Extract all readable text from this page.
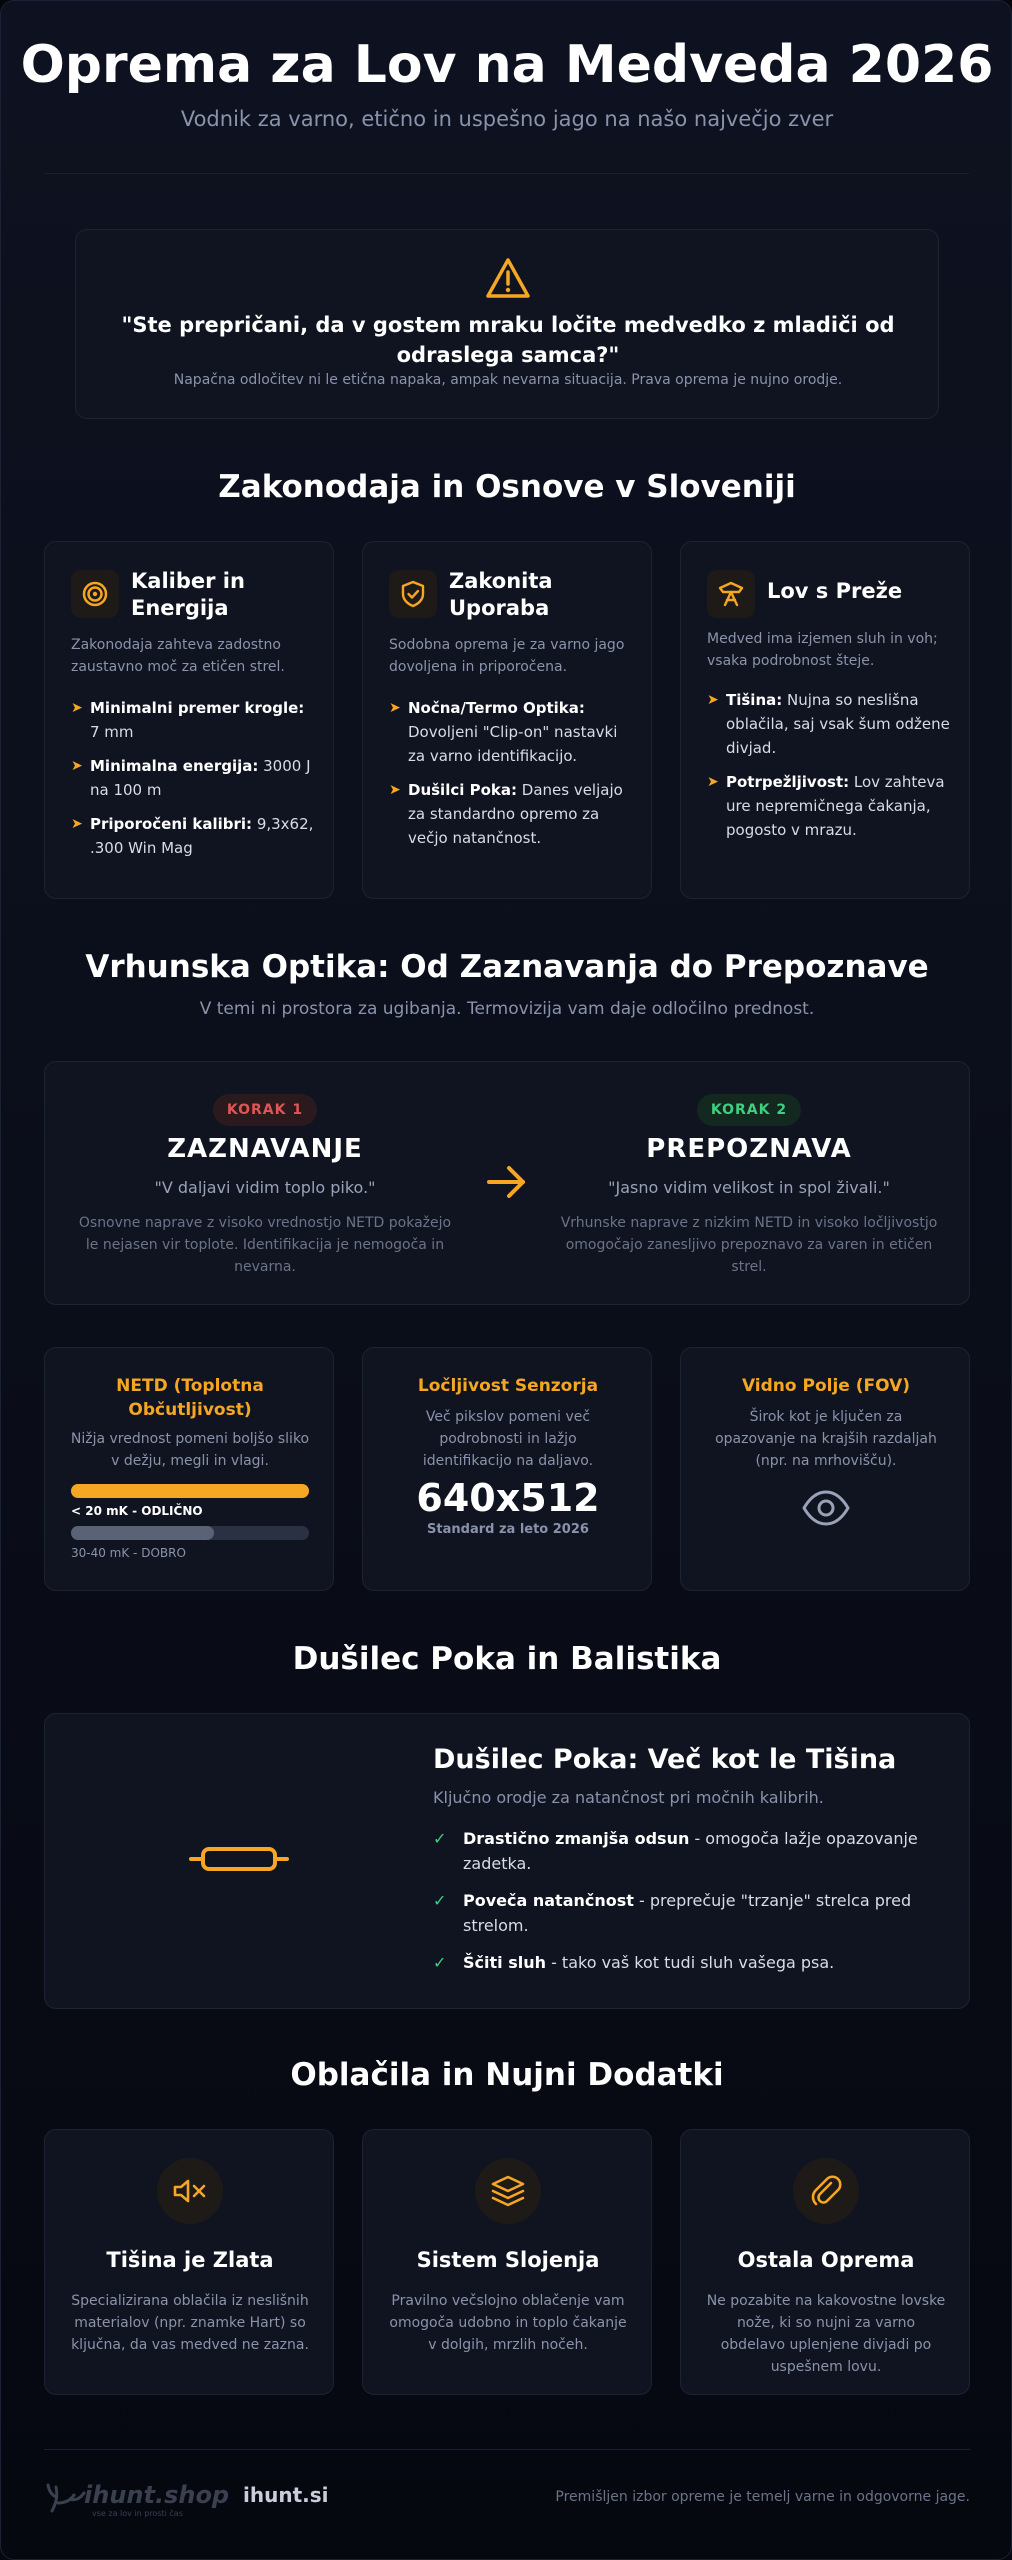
Oprema za Lov na Medveda 2026
Vodnik za varno, etično in uspešno jago na našo največjo zver
"Ste prepričani, da v gostem mraku ločite medvedko z mladiči od odraslega samca?"
Napačna odločitev ni le etična napaka, ampak nevarna situacija. Prava oprema je nujno orodje.
Zakonodaja in Osnove v Sloveniji
Kaliber in Energija
Zakonodaja zahteva zadostno zaustavno moč za etičen strel.
➤ Minimalni premer krogle: 7 mm
➤ Minimalna energija: 3000 J na 100 m
➤ Priporočeni kalibri: 9,3x62, .300 Win Mag
Zakonita Uporaba
Sodobna oprema je za varno jago dovoljena in priporočena.
➤ Nočna/Termo Optika: Dovoljeni "Clip-on" nastavki za varno identifikacijo.
➤ Dušilci Poka: Danes veljajo za standardno opremo za večjo natančnost.
Lov s Preže
Medved ima izjemen sluh in voh; vsaka podrobnost šteje.
➤ Tišina: Nujna so neslišna oblačila, saj vsak šum odžene divjad.
➤ Potrpežljivost: Lov zahteva ure nepremičnega čakanja, pogosto v mrazu.
Vrhunska Optika: Od Zaznavanja do Prepoznave
V temi ni prostora za ugibanja. Termovizija vam daje odločilno prednost.
KORAK 1
ZAZNAVANJE
"V daljavi vidim toplo piko."
Osnovne naprave z visoko vrednostjo NETD pokažejo le nejasen vir toplote. Identifikacija je nemogoča in nevarna.
KORAK 2
PREPOZNAVA
"Jasno vidim velikost in spol živali."
Vrhunske naprave z nizkim NETD in visoko ločljivostjo omogočajo zanesljivo prepoznavo za varen in etičen strel.
NETD (Toplotna Občutljivost)
Nižja vrednost pomeni boljšo sliko v dežju, megli in vlagi.
< 20 mK - ODLIČNO
30-40 mK - DOBRO
Ločljivost Senzorja
Več pikslov pomeni več podrobnosti in lažjo identifikacijo na daljavo.
640x512
Standard za leto 2026
Vidno Polje (FOV)
Širok kot je ključen za opazovanje na krajših razdaljah (npr. na mrhovišču).
Dušilec Poka in Balistika
Dušilec Poka: Več kot le Tišina
Ključno orodje za natančnost pri močnih kalibrih.
✓ Drastično zmanjša odsun - omogoča lažje opazovanje zadetka.
✓ Poveča natančnost - preprečuje "trzanje" strelca pred strelom.
✓ Ščiti sluh - tako vaš kot tudi sluh vašega psa.
Oblačila in Nujni Dodatki
Tišina je Zlata
Specializirana oblačila iz neslišnih materialov (npr. znamke Hart) so ključna, da vas medved ne zazna.
Sistem Slojenja
Pravilno večslojno oblačenje vam omogoča udobno in toplo čakanje v dolgih, mrzlih nočeh.
Ostala Oprema
Ne pozabite na kakovostne lovske nože, ki so nujni za varno obdelavo uplenjene divjadi po uspešnem lovu.
ihunt.shop
vse za lov in prosti čas
ihunt.si	Premišljen izbor opreme je temelj varne in odgovorne jage.
